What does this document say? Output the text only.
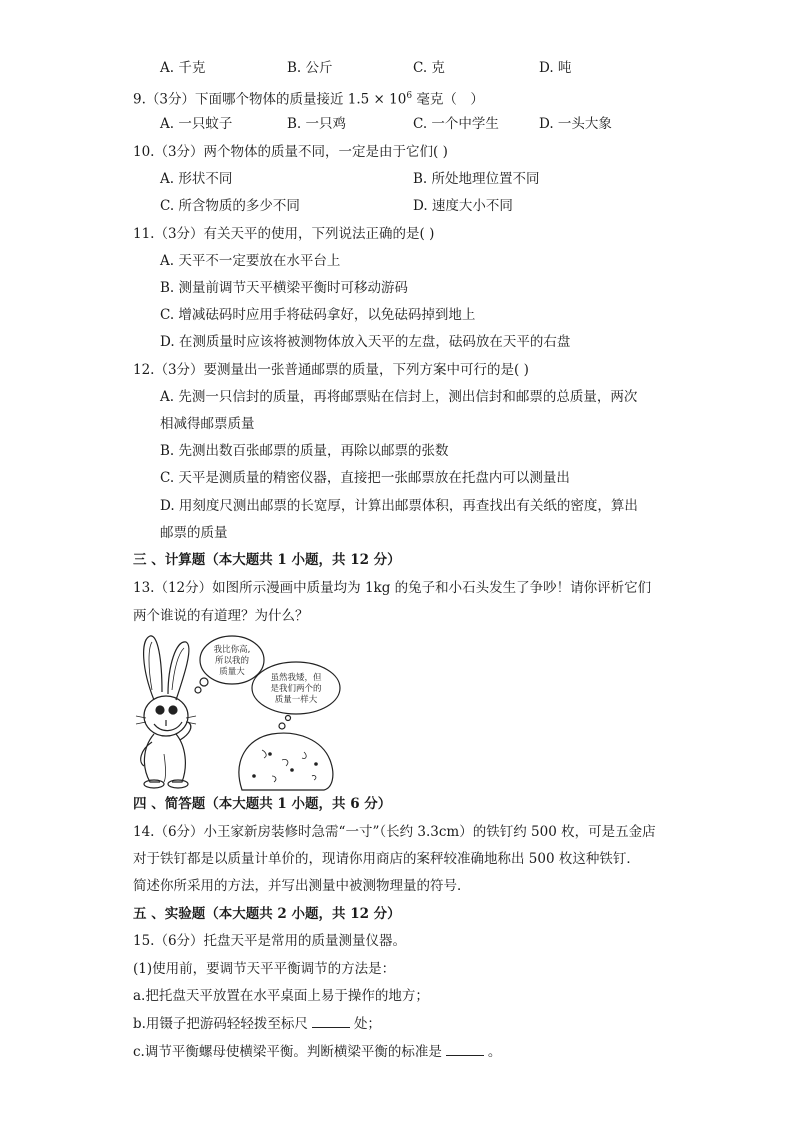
A. 千克	B. 公斤	C. 克	D. 吨
9.（3分）下面哪个物体的质量接近 $1.5 \times 10^6$ 毫克（　）
A. 一只蚊子	B. 一只鸡	C. 一个中学生	D. 一头大象
10.（3分）两个物体的质量不同，一定是由于它们( )
A. 形状不同	B. 所处地理位置不同
C. 所含物质的多少不同	D. 速度大小不同
11.（3分）有关天平的使用，下列说法正确的是( )
A. 天平不一定要放在水平台上
B. 测量前调节天平横梁平衡时可移动游码
C. 增减砝码时应用手将砝码拿好，以免砝码掉到地上
D. 在测质量时应该将被测物体放入天平的左盘，砝码放在天平的右盘
12.（3分）要测量出一张普通邮票的质量，下列方案中可行的是( )
A. 先测一只信封的质量，再将邮票贴在信封上，测出信封和邮票的总质量，两次
相减得邮票质量
B. 先测出数百张邮票的质量，再除以邮票的张数
C. 天平是测质量的精密仪器，直接把一张邮票放在托盘内可以测量出
D. 用刻度尺测出邮票的长宽厚，计算出邮票体积，再查找出有关纸的密度，算出
邮票的质量
三 、计算题（本大题共 1 小题，共 12 分）
13.（12分）如图所示漫画中质量均为 1kg 的兔子和小石头发生了争吵！请你评析它们
两个谁说的有道理？为什么？
我比你高,
所以我的
质量大
虽然我矮，但
是我们两个的
质量一样大
四 、简答题（本大题共 1 小题，共 6 分）
14.（6分）小王家新房装修时急需“一寸”（长约 3.3cm）的铁钉约 500 枚，可是五金店
对于铁钉都是以质量计单价的，现请你用商店的案秤较准确地称出 500 枚这种铁钉．
简述你所采用的方法，并写出测量中被测物理量的符号．
五 、实验题（本大题共 2 小题，共 12 分）
15.（6分）托盘天平是常用的质量测量仪器。
(1)使用前，要调节天平平衡调节的方法是：
a.把托盘天平放置在水平桌面上易于操作的地方；
b.用镊子把游码轻轻拨至标尺	处；
c.调节平衡螺母使横梁平衡。判断横梁平衡的标准是	。
